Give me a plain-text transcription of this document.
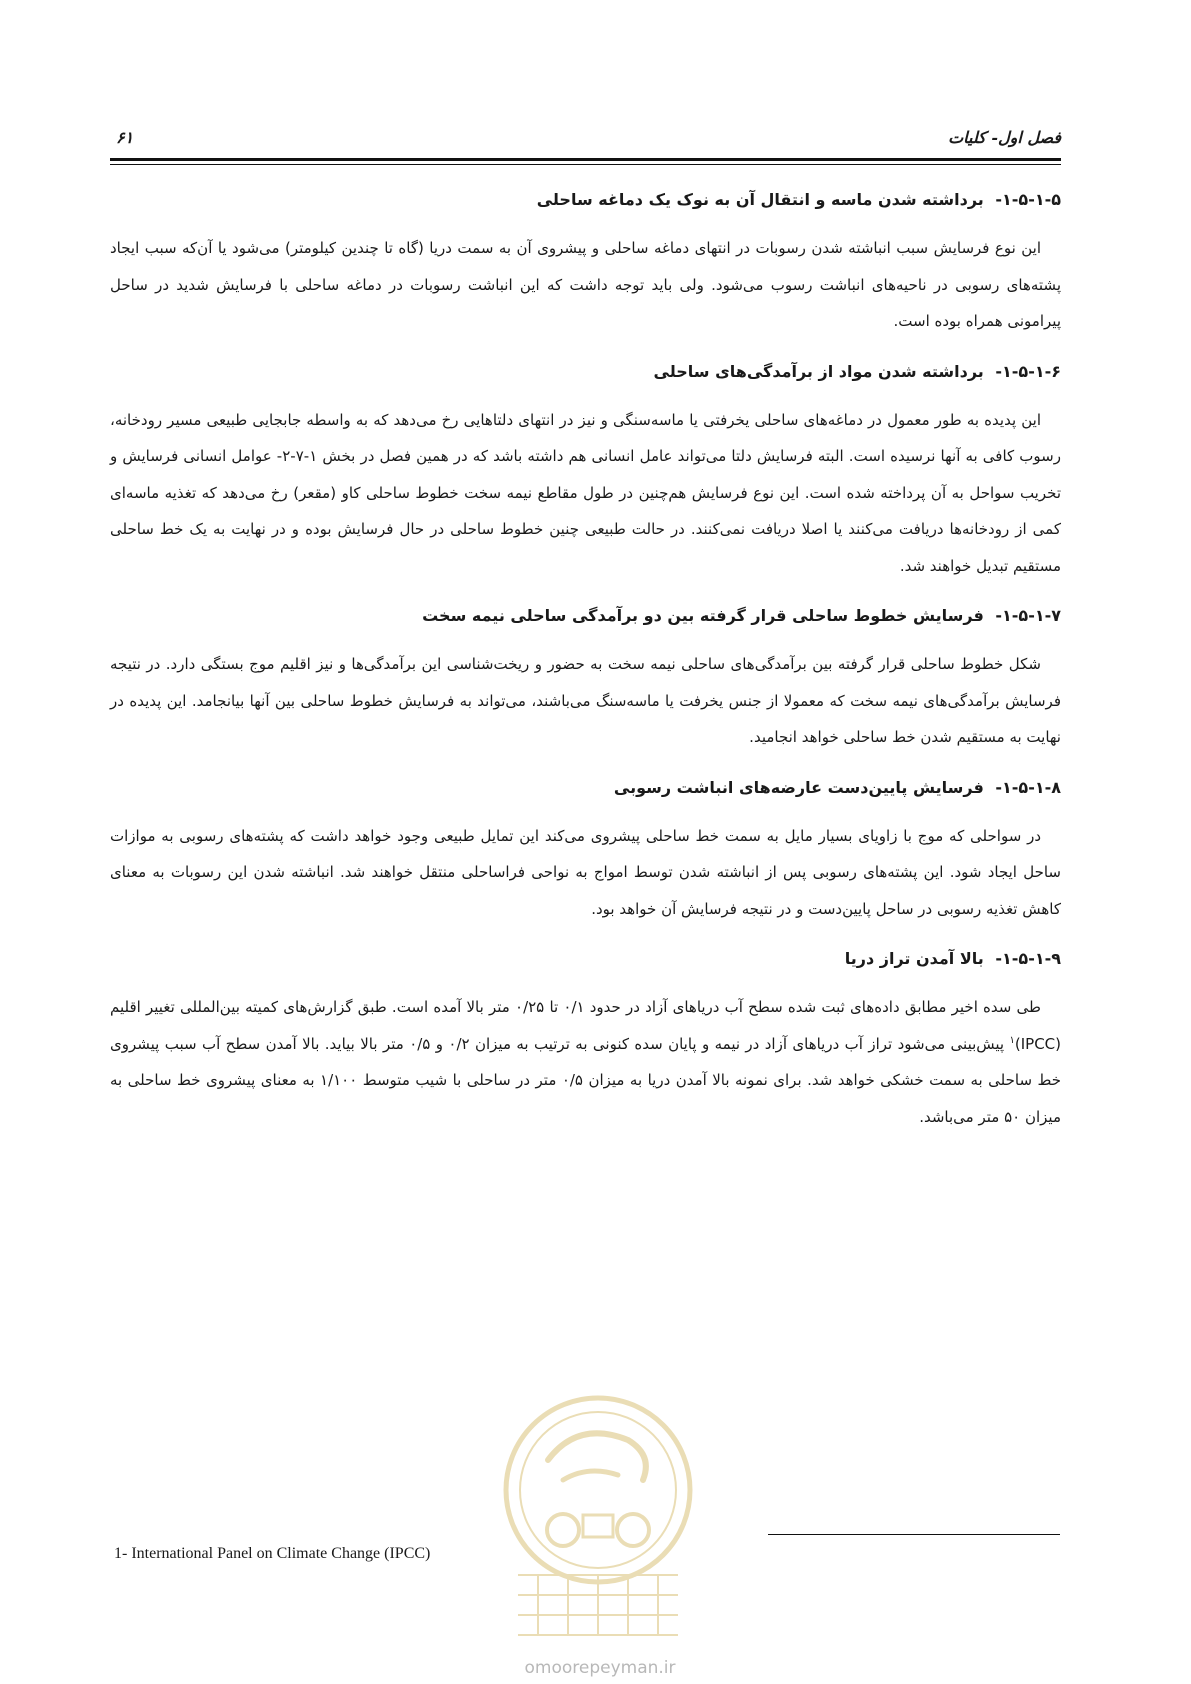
فصل اول- کلیات
۶۱
۱-۵-۱-۵- برداشته شدن ماسه و انتقال آن به نوک یک دماغه ساحلی

این نوع فرسایش سبب انباشته شدن رسوبات در انتهای دماغه ساحلی و پیشروی آن به سمت دریا (گاه تا چندین کیلومتر) می‌شود یا آن‌که سبب ایجاد پشته‌های رسوبی در ناحیه‌های انباشت رسوب می‌شود. ولی باید توجه داشت که این انباشت رسوبات در دماغه ساحلی با فرسایش شدید در ساحل پیرامونی همراه بوده است.

۱-۵-۱-۶- برداشته شدن مواد از برآمدگی‌های ساحلی

این پدیده به طور معمول در دماغه‌های ساحلی یخرفتی یا ماسه‌سنگی و نیز در انتهای دلتاهایی رخ می‌دهد که به واسطه جابجایی طبیعی مسیر رودخانه، رسوب کافی به آنها نرسیده است. البته فرسایش دلتا می‌تواند عامل انسانی هم داشته باشد که در همین فصل در بخش ۱-۷-۲- عوامل انسانی فرسایش و تخریب سواحل به آن پرداخته شده است. این نوع فرسایش هم‌چنین در طول مقاطع نیمه سخت خطوط ساحلی کاو (مقعر) رخ می‌دهد که تغذیه ماسه‌ای کمی از رودخانه‌ها دریافت می‌کنند یا اصلا دریافت نمی‌کنند. در حالت طبیعی چنین خطوط ساحلی در حال فرسایش بوده و در نهایت به یک خط ساحلی مستقیم تبدیل خواهند شد.

۱-۵-۱-۷- فرسایش خطوط ساحلی قرار گرفته بین دو برآمدگی ساحلی نیمه سخت

شکل خطوط ساحلی قرار گرفته بین برآمدگی‌های ساحلی نیمه سخت به حضور و ریخت‌شناسی این برآمدگی‌ها و نیز اقلیم موج بستگی دارد. در نتیجه فرسایش برآمدگی‌های نیمه سخت که معمولا از جنس یخرفت یا ماسه‌سنگ می‌باشند، می‌تواند به فرسایش خطوط ساحلی بین آنها بیانجامد. این پدیده در نهایت به مستقیم شدن خط ساحلی خواهد انجامید.

۱-۵-۱-۸- فرسایش پایین‌دست عارضه‌های انباشت رسوبی

در سواحلی که موج با زاویای بسیار مایل به سمت خط ساحلی پیشروی می‌کند این تمایل طبیعی وجود خواهد داشت که پشته‌های رسوبی به موازات ساحل ایجاد شود. این پشته‌های رسوبی پس از انباشته شدن توسط امواج به نواحی فراساحلی منتقل خواهند شد. انباشته شدن این رسوبات به معنای کاهش تغذیه رسوبی در ساحل پایین‌دست و در نتیجه فرسایش آن خواهد بود.

۱-۵-۱-۹- بالا آمدن تراز دریا

طی سده اخیر مطابق داده‌های ثبت شده سطح آب دریاهای آزاد در حدود ۰/۱ تا ۰/۲۵ متر بالا آمده است. طبق گزارش‌های کمیته بین‌المللی تغییر اقلیم (IPCC)$^۱$ پیش‌بینی می‌شود تراز آب دریاهای آزاد در نیمه و پایان سده کنونی به ترتیب به میزان ۰/۲ و ۰/۵ متر بالا بیاید. بالا آمدن سطح آب سبب پیشروی خط ساحلی به سمت خشکی خواهد شد. برای نمونه بالا آمدن دریا به میزان ۰/۵ متر در ساحلی با شیب متوسط ۱/۱۰۰ به معنای پیشروی خط ساحلی به میزان ۵۰ متر می‌باشد.

1- International Panel on Climate Change (IPCC)
omoorepeyman.ir
